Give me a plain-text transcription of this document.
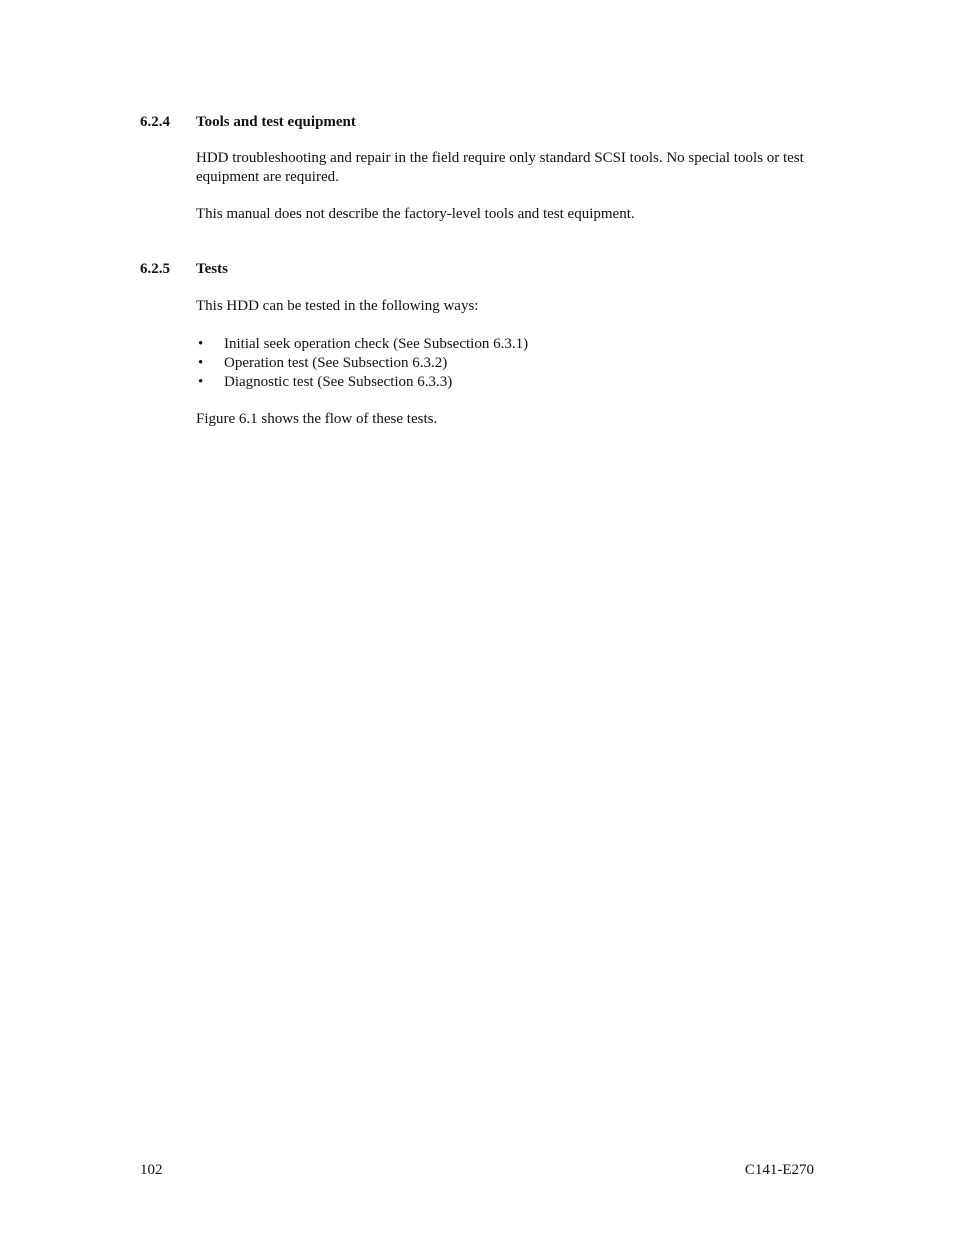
6.2.4	Tools and test equipment

HDD troubleshooting and repair in the field require only standard SCSI tools. No special tools or test equipment are required.

This manual does not describe the factory-level tools and test equipment.

6.2.5	Tests

This HDD can be tested in the following ways:

• Initial seek operation check (See Subsection 6.3.1)
• Operation test (See Subsection 6.3.2)
• Diagnostic test (See Subsection 6.3.3)

Figure 6.1 shows the flow of these tests.

102	C141-E270
